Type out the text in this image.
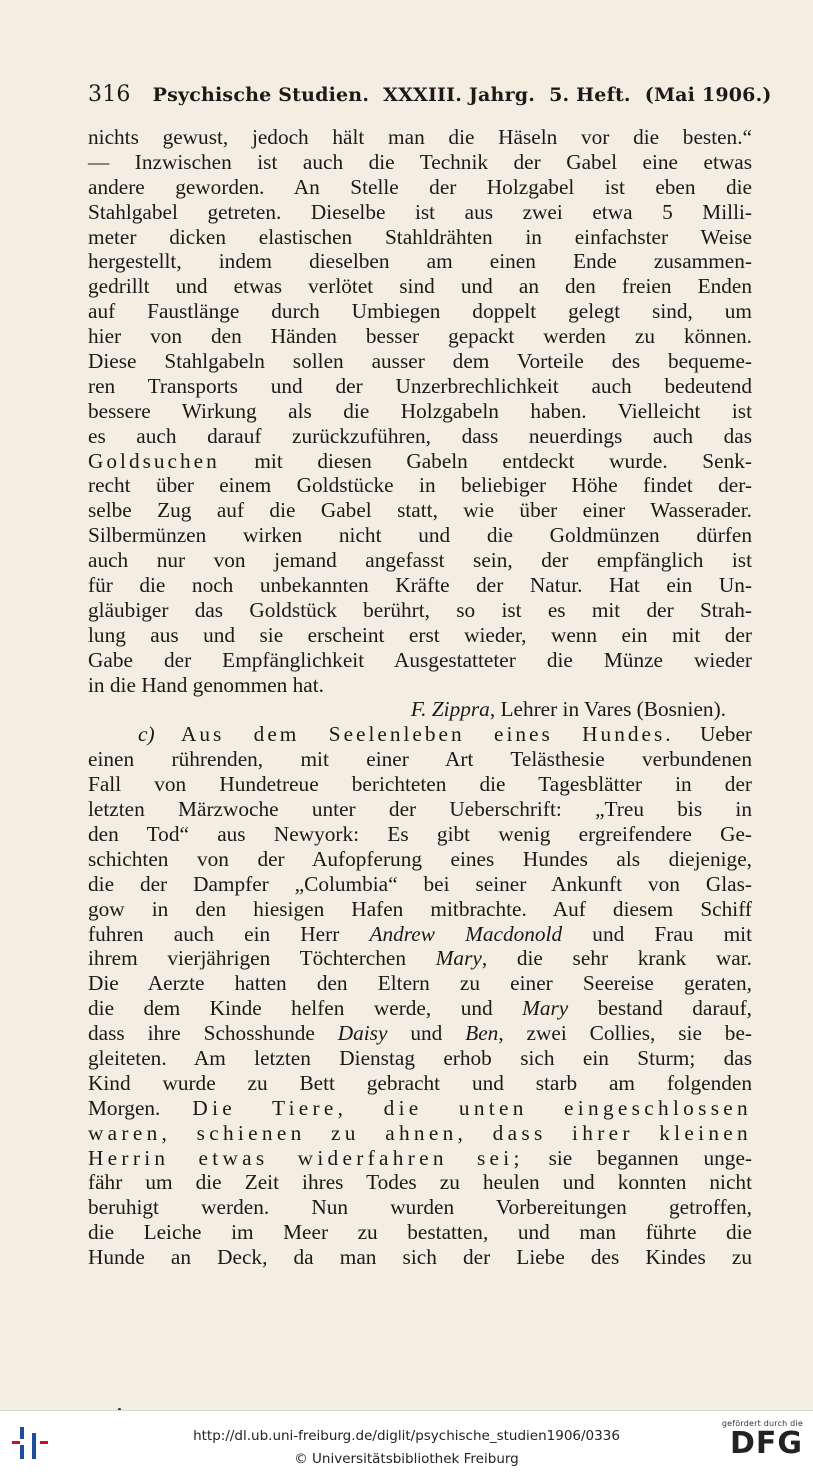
316 Psychische Studien. XXXIII. Jahrg. 5. Heft. (Mai 1906.)
nichts gewust, jedoch hält man die Häseln vor die besten.“
— Inzwischen ist auch die Technik der Gabel eine etwas
andere geworden. An Stelle der Holzgabel ist eben die
Stahlgabel getreten. Dieselbe ist aus zwei etwa 5 Milli-
meter dicken elastischen Stahldrähten in einfachster Weise
hergestellt, indem dieselben am einen Ende zusammen-
gedrillt und etwas verlötet sind und an den freien Enden
auf Faustlänge durch Umbiegen doppelt gelegt sind, um
hier von den Händen besser gepackt werden zu können.
Diese Stahlgabeln sollen ausser dem Vorteile des bequeme-
ren Transports und der Unzerbrechlichkeit auch bedeutend
bessere Wirkung als die Holzgabeln haben. Vielleicht ist
es auch darauf zurückzuführen, dass neuerdings auch das
Goldsuchen mit diesen Gabeln entdeckt wurde. Senk-
recht über einem Goldstücke in beliebiger Höhe findet der-
selbe Zug auf die Gabel statt, wie über einer Wasserader.
Silbermünzen wirken nicht und die Goldmünzen dürfen
auch nur von jemand angefasst sein, der empfänglich ist
für die noch unbekannten Kräfte der Natur. Hat ein Un-
gläubiger das Goldstück berührt, so ist es mit der Strah-
lung aus und sie erscheint erst wieder, wenn ein mit der
Gabe der Empfänglichkeit Ausgestatteter die Münze wieder
in die Hand genommen hat.
F. Zippra, Lehrer in Vares (Bosnien).
c) Aus dem Seelenleben eines Hundes. Ueber
einen rührenden, mit einer Art Telästhesie verbundenen
Fall von Hundetreue berichteten die Tagesblätter in der
letzten Märzwoche unter der Ueberschrift: „Treu bis in
den Tod“ aus Newyork: Es gibt wenig ergreifendere Ge-
schichten von der Aufopferung eines Hundes als diejenige,
die der Dampfer „Columbia“ bei seiner Ankunft von Glas-
gow in den hiesigen Hafen mitbrachte. Auf diesem Schiff
fuhren auch ein Herr Andrew Macdonold und Frau mit
ihrem vierjährigen Töchterchen Mary, die sehr krank war.
Die Aerzte hatten den Eltern zu einer Seereise geraten,
die dem Kinde helfen werde, und Mary bestand darauf,
dass ihre Schosshunde Daisy und Ben, zwei Collies, sie be-
gleiteten. Am letzten Dienstag erhob sich ein Sturm; das
Kind wurde zu Bett gebracht und starb am folgenden
Morgen. Die Tiere, die unten eingeschlossen
waren, schienen zu ahnen, dass ihrer kleinen
Herrin etwas widerfahren sei; sie begannen unge-
fähr um die Zeit ihres Todes zu heulen und konnten nicht
beruhigt werden. Nun wurden Vorbereitungen getroffen,
die Leiche im Meer zu bestatten, und man führte die
Hunde an Deck, da man sich der Liebe des Kindes zu
http://dl.ub.uni-freiburg.de/diglit/psychische_studien1906/0336
© Universitätsbibliothek Freiburg
gefördert durch die
DFG
